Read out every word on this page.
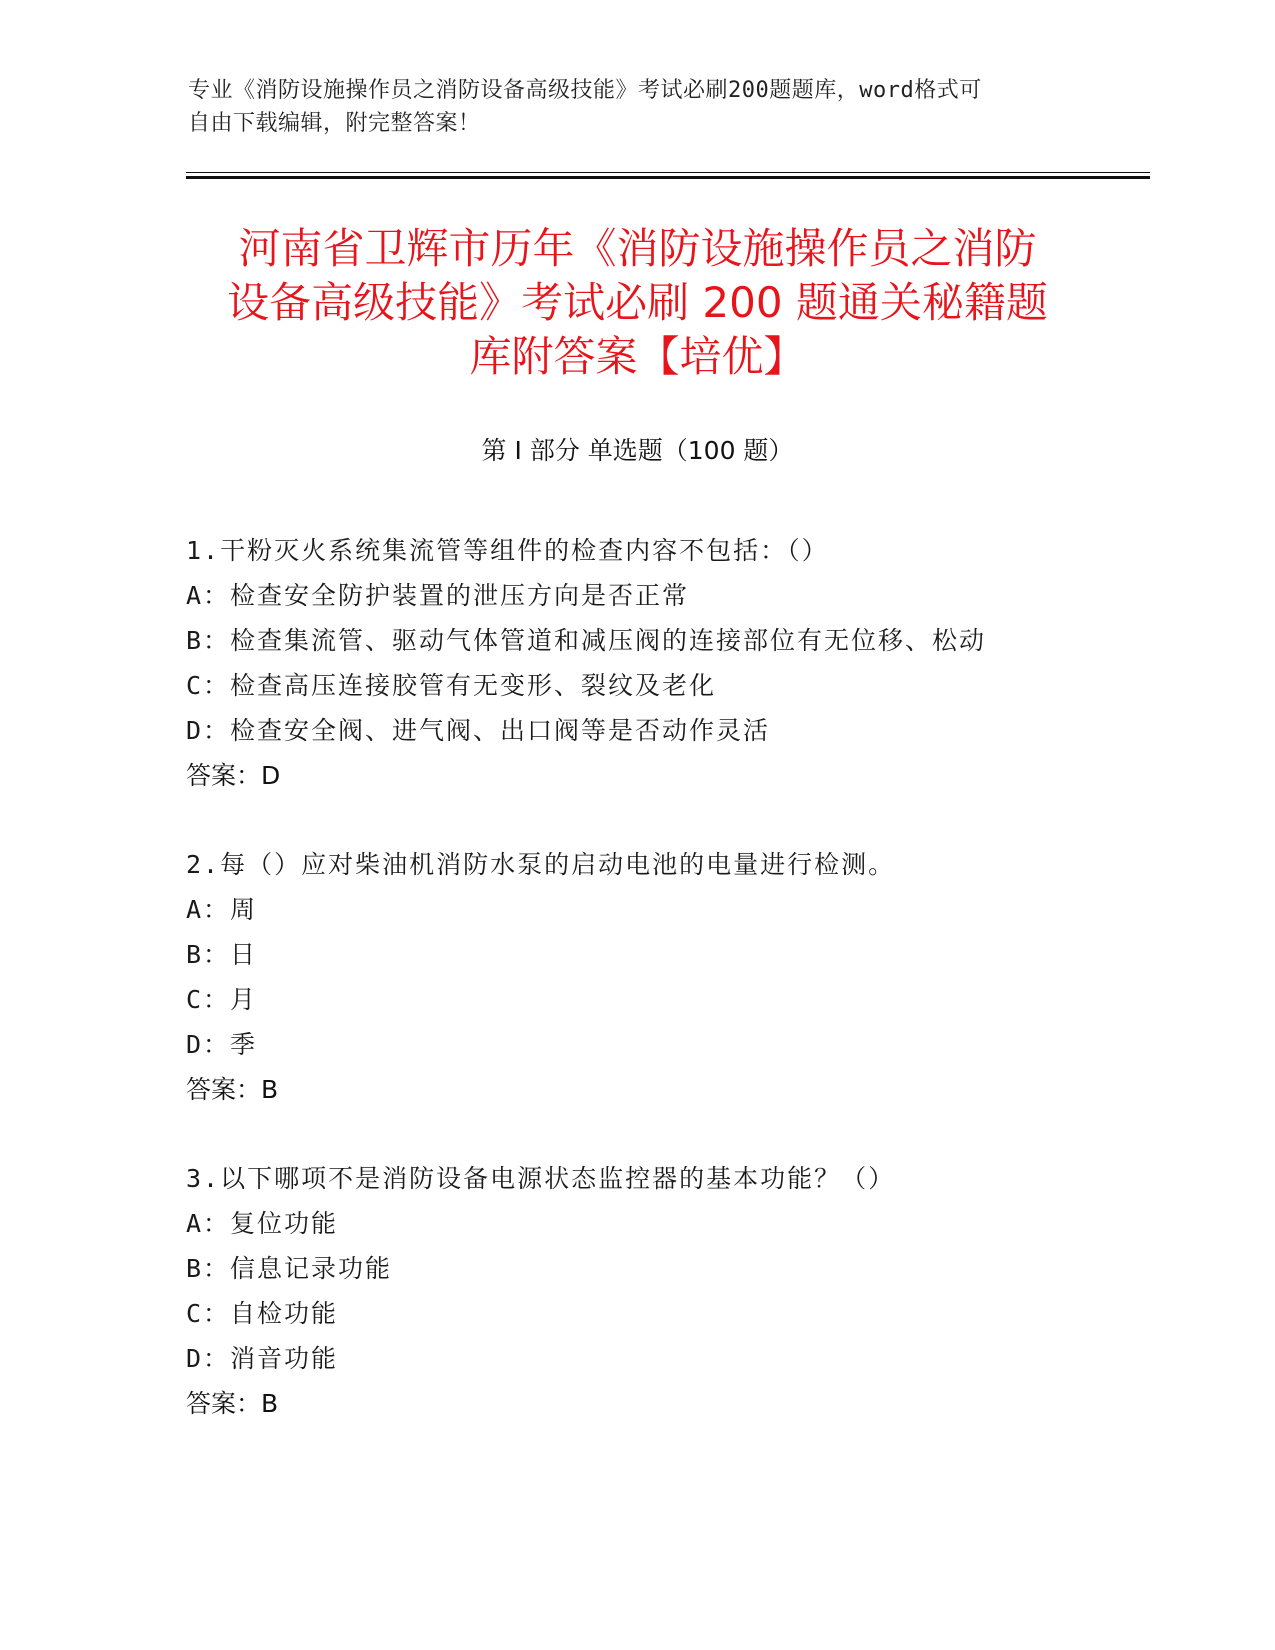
专业《消防设施操作员之消防设备高级技能》考试必刷200题题库，word格式可
自由下载编辑，附完整答案！
河南省卫辉市历年《消防设施操作员之消防
设备高级技能》考试必刷 200 题通关秘籍题
库附答案【培优】
第 I 部分 单选题（100 题）
1.干粉灭火系统集流管等组件的检查内容不包括：（）
A：检查安全防护装置的泄压方向是否正常
B：检查集流管、驱动气体管道和减压阀的连接部位有无位移、松动
C：检查高压连接胶管有无变形、裂纹及老化
D：检查安全阀、进气阀、出口阀等是否动作灵活
答案：D
2.每（）应对柴油机消防水泵的启动电池的电量进行检测。
A：周
B：日
C：月
D：季
答案：B
3.以下哪项不是消防设备电源状态监控器的基本功能？（）
A：复位功能
B：信息记录功能
C：自检功能
D：消音功能
答案：B
